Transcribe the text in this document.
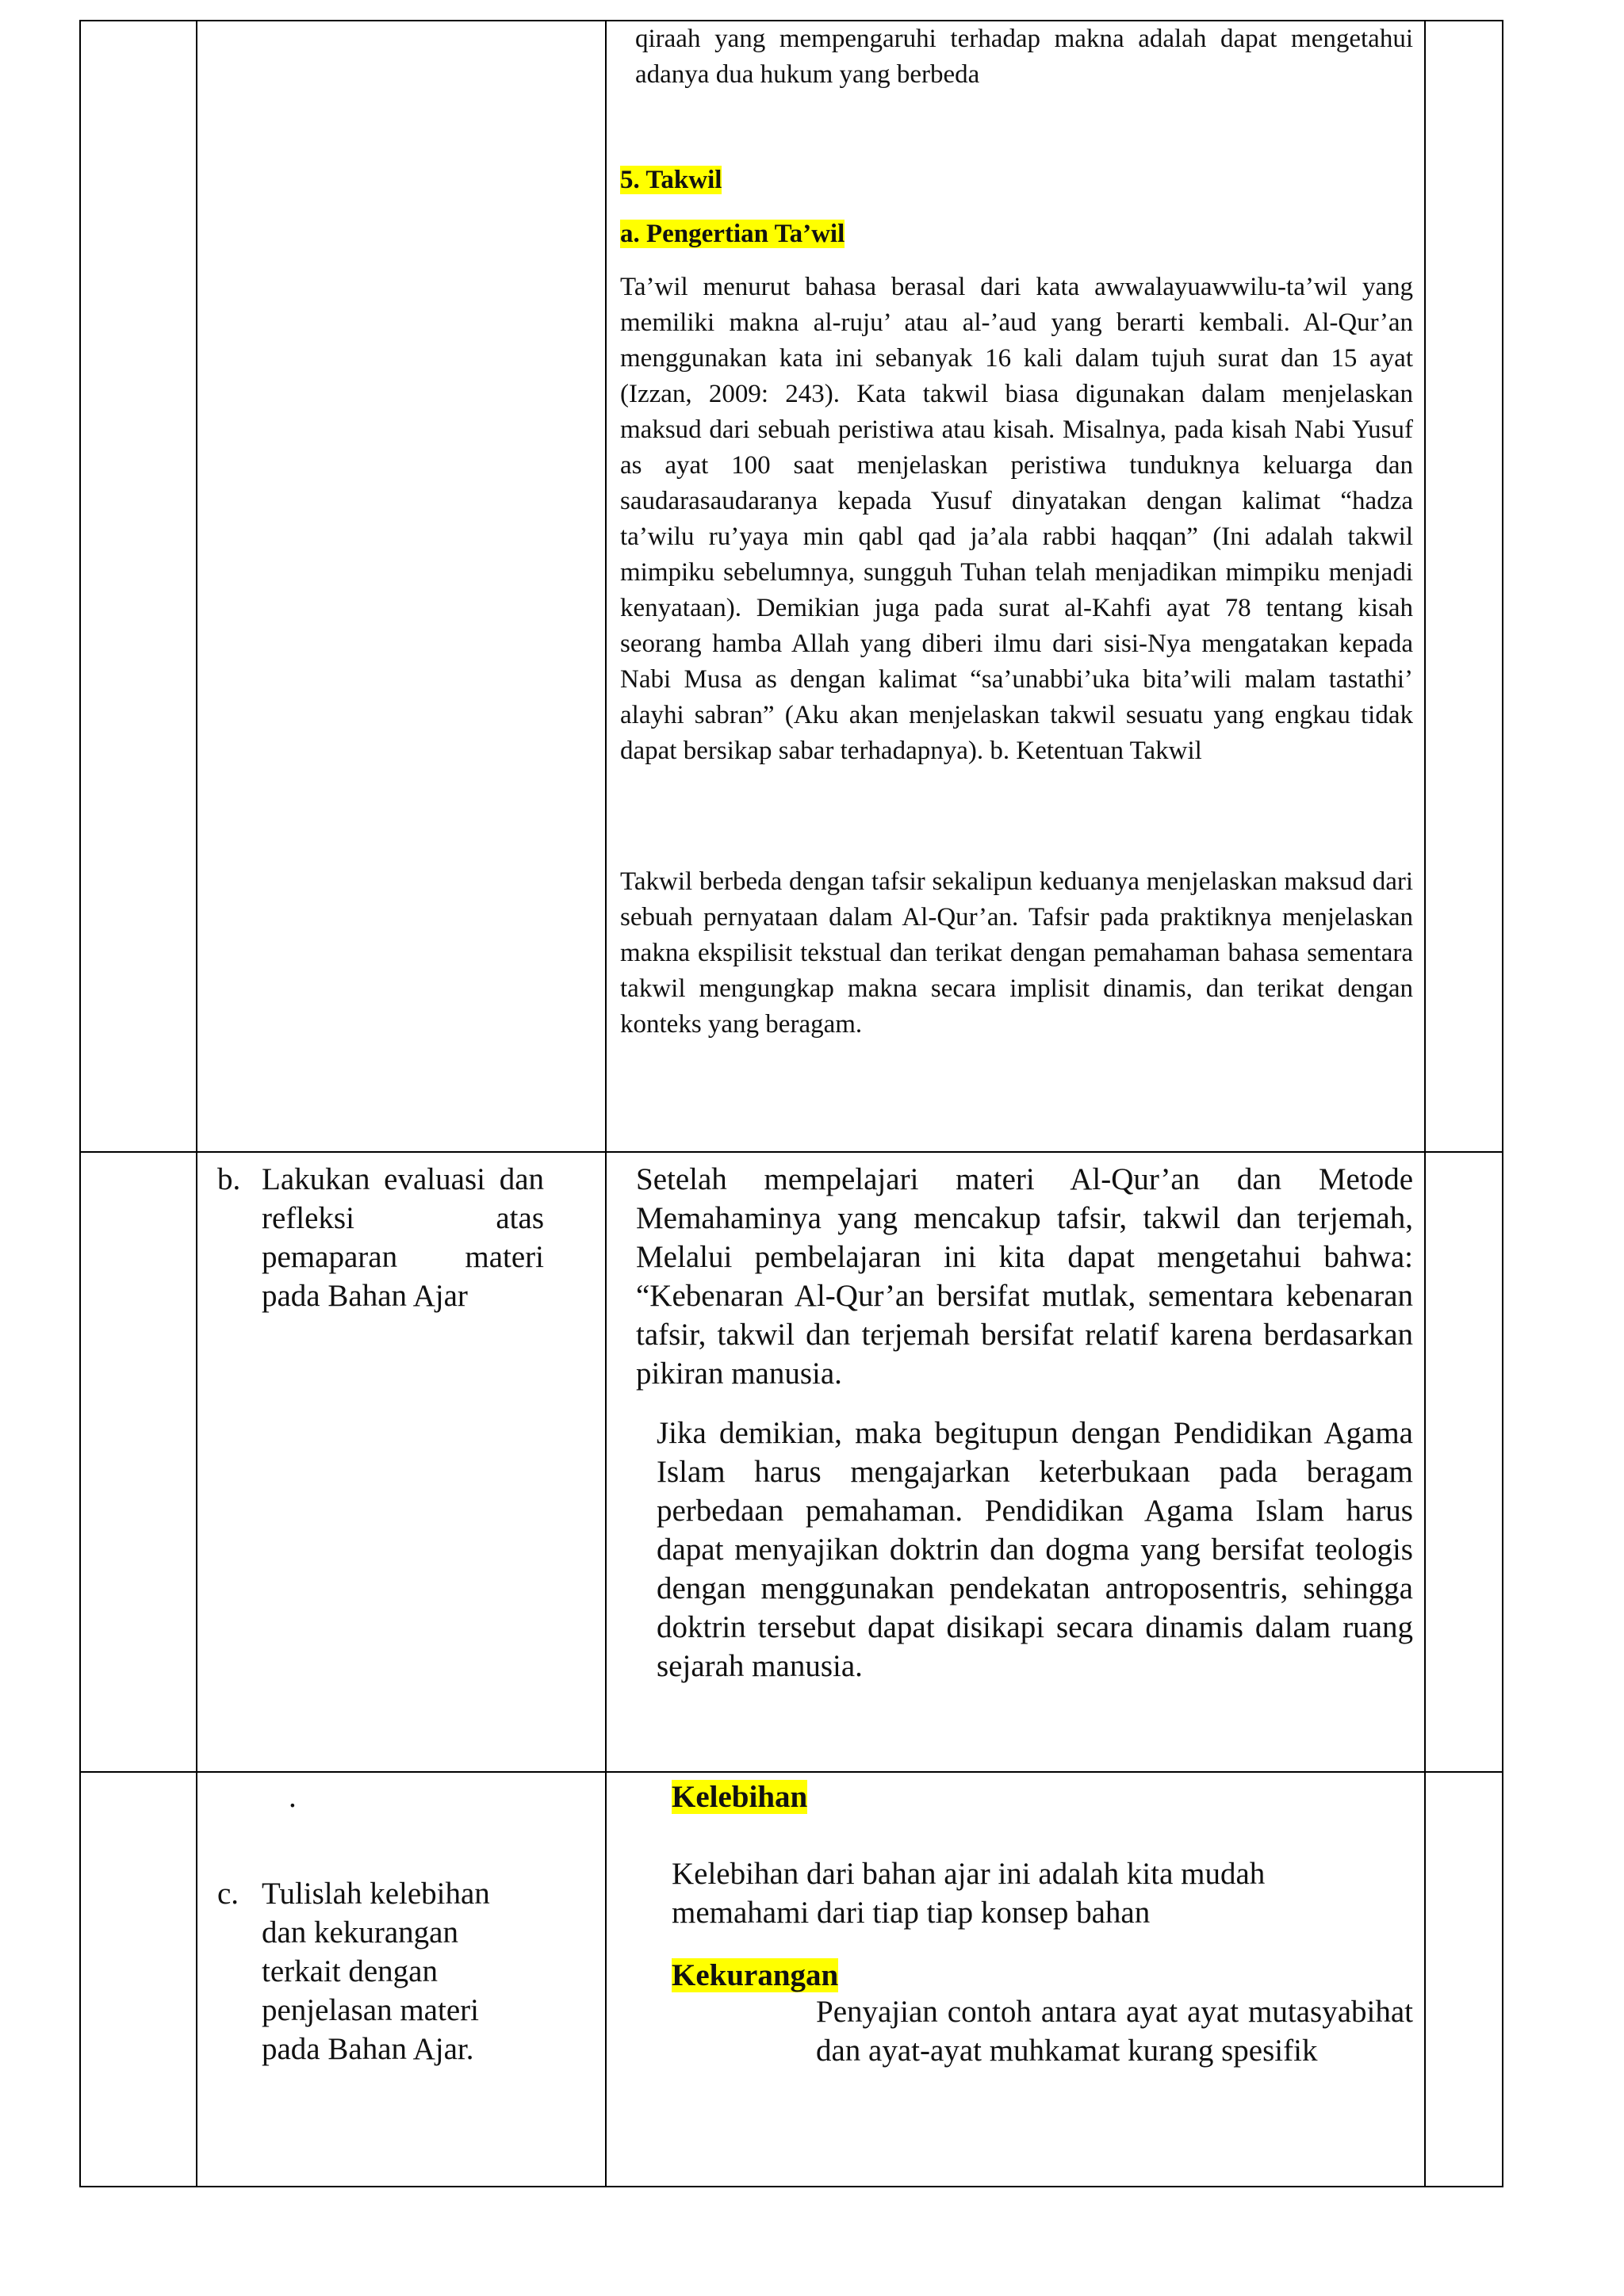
qiraah yang mempengaruhi terhadap makna adalah dapat mengetahui adanya dua hukum yang berbeda

5. Takwil

a. Pengertian Ta’wil

Ta’wil menurut bahasa berasal dari kata awwalayuawwilu-ta’wil yang memiliki makna al-ruju’ atau al-’aud yang berarti kembali. Al-Qur’an menggunakan kata ini sebanyak 16 kali dalam tujuh surat dan 15 ayat (Izzan, 2009: 243). Kata takwil biasa digunakan dalam menjelaskan maksud dari sebuah peristiwa atau kisah. Misalnya, pada kisah Nabi Yusuf as ayat 100 saat menjelaskan peristiwa tunduknya keluarga dan saudarasaudaranya kepada Yusuf dinyatakan dengan kalimat “hadza ta’wilu ru’yaya min qabl qad ja’ala rabbi haqqan” (Ini adalah takwil mimpiku sebelumnya, sungguh Tuhan telah menjadikan mimpiku menjadi kenyataan). Demikian juga pada surat al-Kahfi ayat 78 tentang kisah seorang hamba Allah yang diberi ilmu dari sisi-Nya mengatakan kepada Nabi Musa as dengan kalimat “sa’unabbi’uka bita’wili malam tastathi’ alayhi sabran” (Aku akan menjelaskan takwil sesuatu yang engkau tidak dapat bersikap sabar terhadapnya). b. Ketentuan Takwil

Takwil berbeda dengan tafsir sekalipun keduanya menjelaskan maksud dari sebuah pernyataan dalam Al-Qur’an. Tafsir pada praktiknya menjelaskan makna ekspilisit tekstual dan terikat dengan pemahaman bahasa sementara takwil mengungkap makna secara implisit dinamis, dan terikat dengan konteks yang beragam.

b. Lakukan evaluasi dan refleksi atas pemaparan materi pada Bahan Ajar

Setelah mempelajari materi Al-Qur’an dan Metode Memahaminya yang mencakup tafsir, takwil dan terjemah, Melalui pembelajaran ini kita dapat mengetahui bahwa: “Kebenaran Al-Qur’an bersifat mutlak, sementara kebenaran tafsir, takwil dan terjemah bersifat relatif karena berdasarkan pikiran manusia.

Jika demikian, maka begitupun dengan Pendidikan Agama Islam harus mengajarkan keterbukaan pada beragam perbedaan pemahaman. Pendidikan Agama Islam harus dapat menyajikan doktrin dan dogma yang bersifat teologis dengan menggunakan pendekatan antroposentris, sehingga doktrin tersebut dapat disikapi secara dinamis dalam ruang sejarah manusia.

.
c. Tulislah kelebihan dan kekurangan terkait dengan penjelasan materi pada Bahan Ajar.

Kelebihan

Kelebihan dari bahan ajar ini adalah kita mudah memahami dari tiap tiap konsep bahan

Kekurangan

Penyajian contoh antara ayat ayat mutasyabihat dan ayat-ayat muhkamat kurang spesifik
